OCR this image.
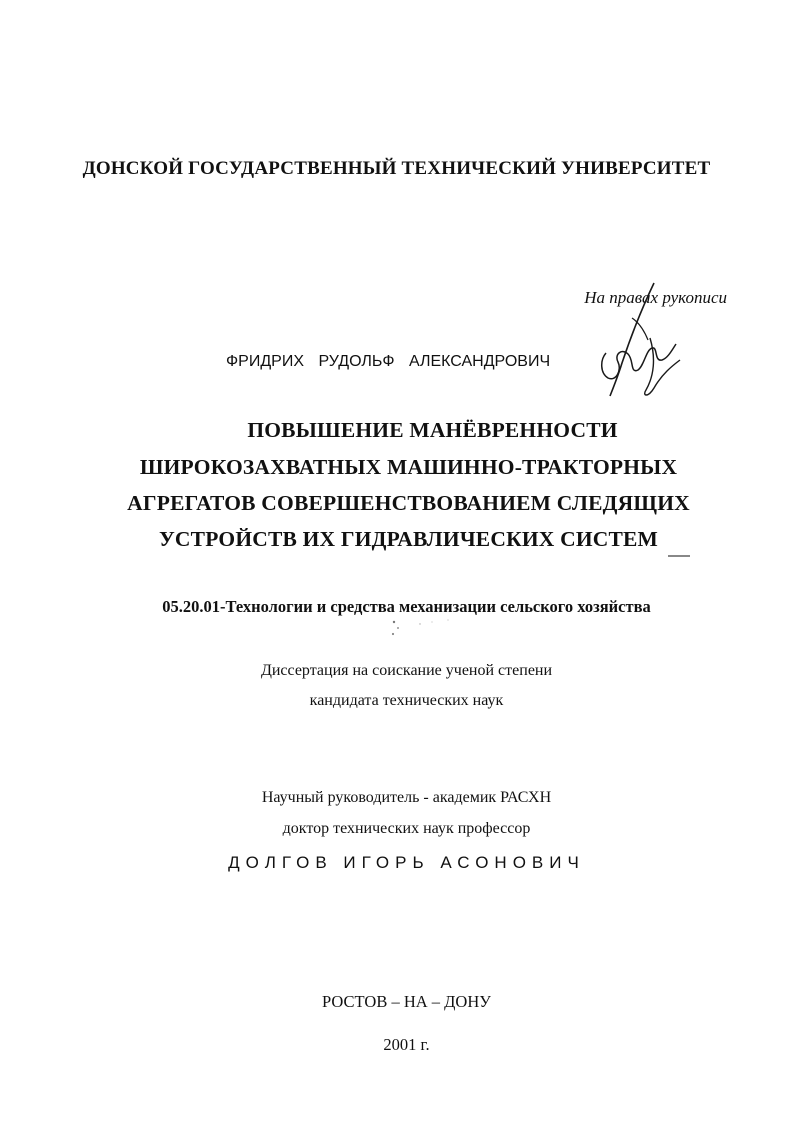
ДОНСКОЙ ГОСУДАРСТВЕННЫЙ ТЕХНИЧЕСКИЙ УНИВЕРСИТЕТ
На правах рукописи
ФРИДРИХ РУДОЛЬФ АЛЕКСАНДРОВИЧ
ПОВЫШЕНИЕ МАНЁВРЕННОСТИ
ШИРОКОЗАХВАТНЫХ МАШИННО-ТРАКТОРНЫХ
АГРЕГАТОВ СОВЕРШЕНСТВОВАНИЕМ СЛЕДЯЩИХ
УСТРОЙСТВ ИХ ГИДРАВЛИЧЕСКИХ СИСТЕМ
05.20.01-Технологии и средства механизации сельского хозяйства
Диссертация на соискание ученой степени
кандидата технических наук
Научный руководитель - академик РАСХН
доктор технических наук профессор
ДОЛГОВ ИГОРЬ АСОНОВИЧ
РОСТОВ – НА – ДОНУ
2001 г.
